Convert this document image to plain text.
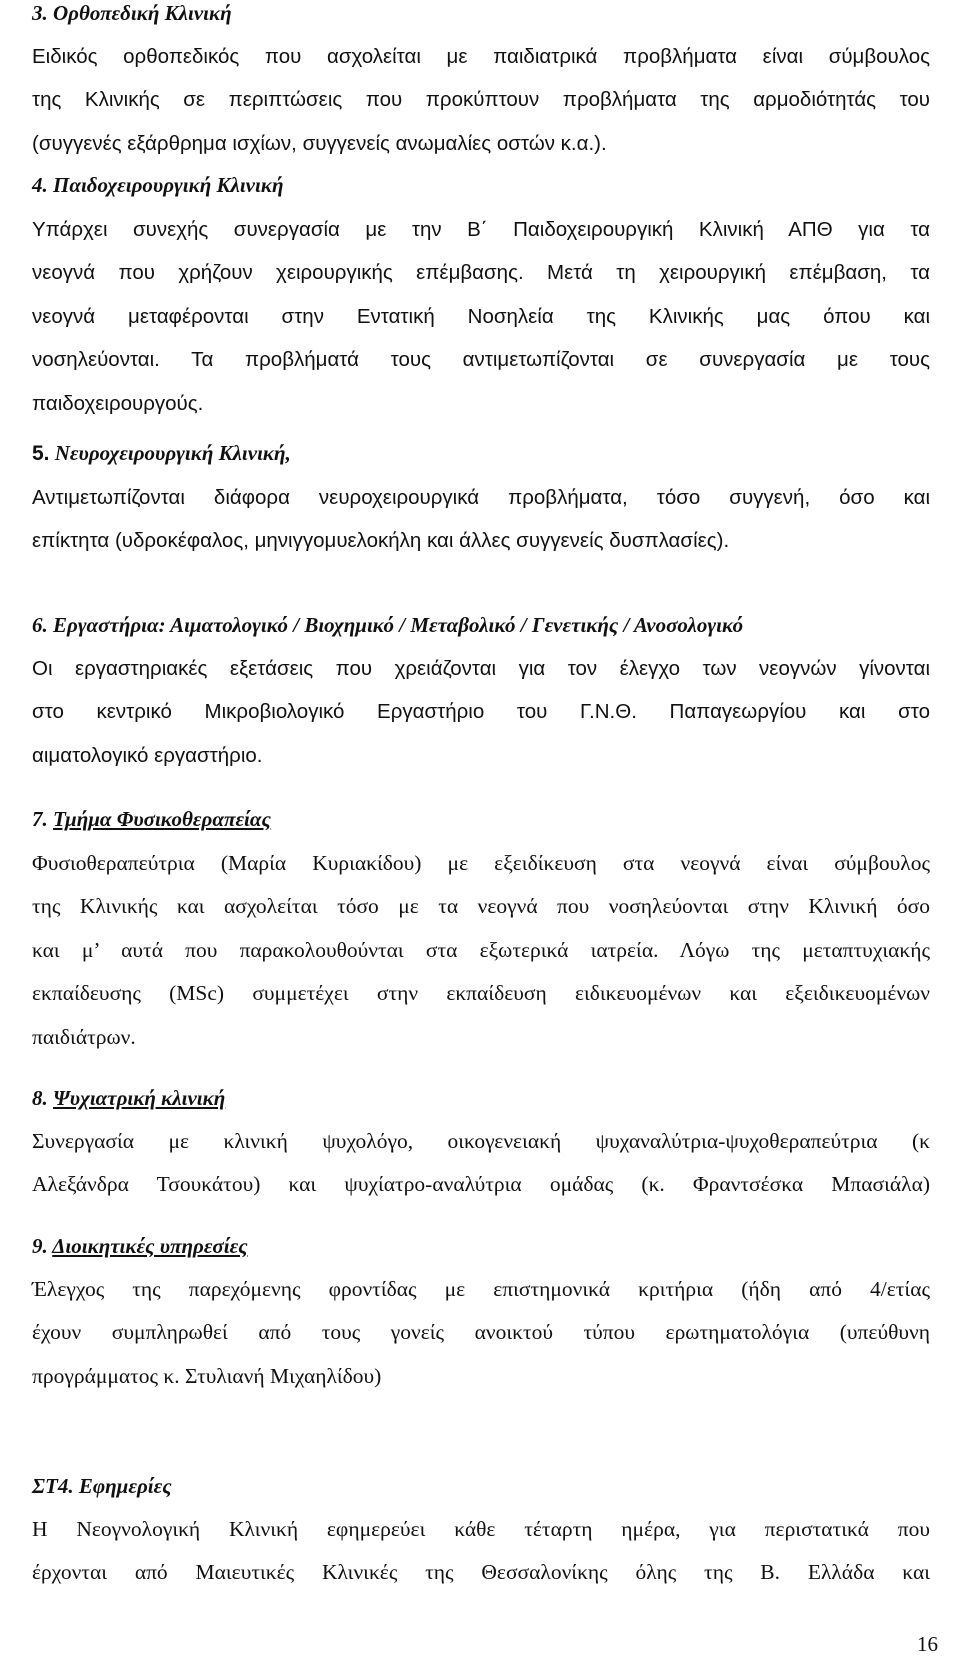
3. Ορθοπεδική Κλινική

Ειδικός ορθοπεδικός που ασχολείται με παιδιατρικά προβλήματα είναι σύμβουλος
της Κλινικής σε περιπτώσεις που προκύπτουν προβλήματα της αρμοδιότητάς του
(συγγενές εξάρθρημα ισχίων, συγγενείς ανωμαλίες οστών κ.α.).

4. Παιδοχειρουργική Κλινική

Υπάρχει συνεχής συνεργασία με την Β΄ Παιδοχειρουργική Κλινική ΑΠΘ για τα
νεογνά που χρήζουν χειρουργικής επέμβασης. Μετά τη χειρουργική επέμβαση, τα
νεογνά μεταφέρονται στην Εντατική Νοσηλεία της Κλινικής μας όπου και
νοσηλεύονται. Τα προβλήματά τους αντιμετωπίζονται σε συνεργασία με τους
παιδοχειρουργούς.

5. Νευροχειρουργική Κλινική,

Αντιμετωπίζονται διάφορα νευροχειρουργικά προβλήματα, τόσο συγγενή, όσο και
επίκτητα (υδροκέφαλος, μηνιγγομυελοκήλη και άλλες συγγενείς δυσπλασίες).

6. Εργαστήρια: Αιματολογικό / Βιοχημικό / Μεταβολικό / Γενετικής / Ανοσολογικό

Οι εργαστηριακές εξετάσεις που χρειάζονται για τον έλεγχο των νεογνών γίνονται
στο κεντρικό Μικροβιολογικό Εργαστήριο του Γ.Ν.Θ. Παπαγεωργίου και στο
αιματολογικό εργαστήριο.

7. Τμήμα Φυσικοθεραπείας

Φυσιοθεραπεύτρια (Μαρία Κυριακίδου) με εξειδίκευση στα νεογνά είναι σύμβουλος
της Κλινικής και ασχολείται τόσο με τα νεογνά που νοσηλεύονται στην Κλινική όσο
και μ’ αυτά που παρακολουθούνται στα εξωτερικά ιατρεία. Λόγω της μεταπτυχιακής
εκπαίδευσης (MSc) συμμετέχει στην εκπαίδευση ειδικευομένων και εξειδικευομένων
παιδιάτρων.

8. Ψυχιατρική κλινική

Συνεργασία με κλινική ψυχολόγο, οικογενειακή ψυχαναλύτρια-ψυχοθεραπεύτρια (κ
Αλεξάνδρα Τσουκάτου) και ψυχίατρο-αναλύτρια ομάδας (κ. Φραντσέσκα Μπασιάλα)

9. Διοικητικές υπηρεσίες

Έλεγχος της παρεχόμενης φροντίδας με επιστημονικά κριτήρια (ήδη από 4/ετίας
έχουν συμπληρωθεί από τους γονείς ανοικτού τύπου ερωτηματολόγια (υπεύθυνη
προγράμματος κ. Στυλιανή Μιχαηλίδου)

ΣΤ4. Εφημερίες

Η Νεογνολογική Κλινική εφημερεύει κάθε τέταρτη ημέρα, για περιστατικά που
έρχονται από Μαιευτικές Κλινικές της Θεσσαλονίκης όλης της Β. Ελλάδα και
16
